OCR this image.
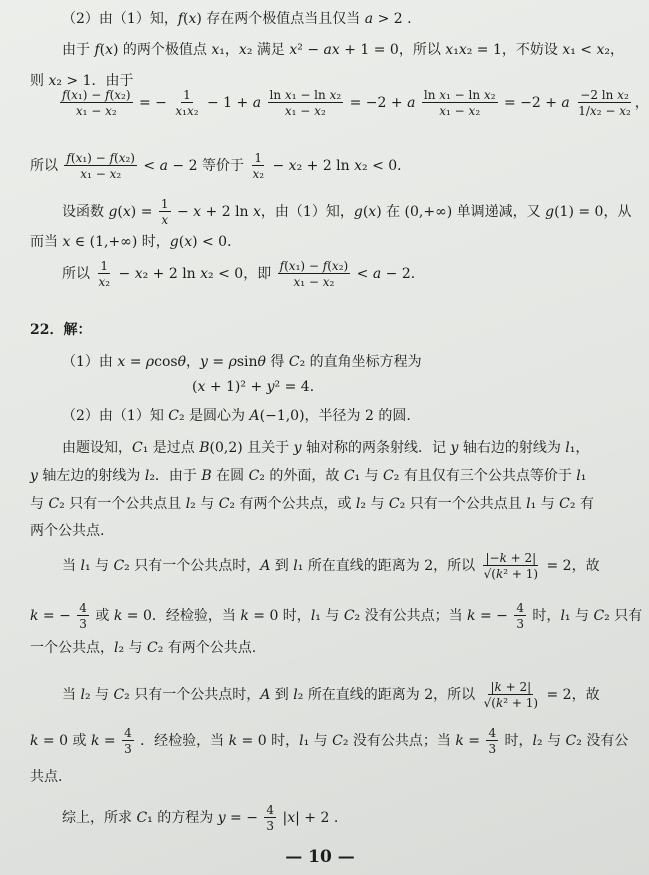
（2）由（1）知，f(x) 存在两个极值点当且仅当 a > 2 .
由于 f(x) 的两个极值点 x₁，x₂ 满足 x² − ax + 1 = 0，所以 x₁x₂ = 1，不妨设 x₁ < x₂，
则 x₂ > 1．由于
$\frac{\text{f(x₁) − f(x₂)}}{\text{x₁ − x₂}}$ = − $\frac{1}{\text{x₁x₂}} - 1 + a \frac{\text{ln x₁ − ln x₂}}{\text{x₁ − x₂}} = -2 + a \frac{\text{ln x₁ − ln x₂}}{\text{x₁ − x₂}} = -2 + a \frac{\text{−2 ln x₂}}{\text{1/x₂ − x₂}}$ ，
所以 $\frac{\text{f(x₁) − f(x₂)}}{\text{x₁ − x₂}} < a - 2$ 等价于 $\frac{1}{\text{x₂}} - x_2 + 2$ ln x₂ < 0．
设函数 $g(x) = \frac{1}{x} - x + 2$ ln x，由（1）知，g(x) 在 (0,+∞) 单调递减，又 g(1) = 0，从
而当 x ∈ (1,+∞) 时，g(x) < 0．
所以 $\frac{1}{\text{x₂}} - x_2 + 2$ ln x₂ < 0，即 $\frac{\text{f(x₁) − f(x₂)}}{\text{x₁ − x₂}} < a - 2$．
22．解：
（1）由 x = ρcosθ，y = ρsinθ 得 C₂ 的直角坐标方程为
(x + 1)² + y² = 4．
（2）由（1）知 C₂ 是圆心为 A(−1,0)，半径为 2 的圆.
由题设知，C₁ 是过点 B(0,2) 且关于 y 轴对称的两条射线．记 y 轴右边的射线为 l₁，
y 轴左边的射线为 l₂．由于 B 在圆 C₂ 的外面，故 C₁ 与 C₂ 有且仅有三个公共点等价于 l₁
与 C₂ 只有一个公共点且 l₂ 与 C₂ 有两个公共点，或 l₂ 与 C₂ 只有一个公共点且 l₁ 与 C₂ 有
两个公共点.
当 l₁ 与 C₂ 只有一个公共点时，A 到 l₁ 所在直线的距离为 2，所以 $\frac{|-k + 2|}{\text{√(k² + 1)}} = 2$，故
k = − $\frac{4}{3}$ 或 k = 0．经检验，当 k = 0 时，l₁ 与 C₂ 没有公共点；当 k = − $\frac{4}{3}$ 时，l₁ 与 C₂ 只有
一个公共点，l₂ 与 C₂ 有两个公共点.
当 l₂ 与 C₂ 只有一个公共点时，A 到 l₂ 所在直线的距离为 2，所以 $\frac{|k + 2|}{\text{√(k² + 1)}} = 2$，故
k = 0 或 $k = \frac{4}{3}$ ．经检验，当 k = 0 时，l₁ 与 C₂ 没有公共点；当 $k = \frac{4}{3}$ 时，l₂ 与 C₂ 没有公
共点.
综上，所求 C₁ 的方程为 y = − $\frac{4}{3} |x| + 2$ .
— 10 —
